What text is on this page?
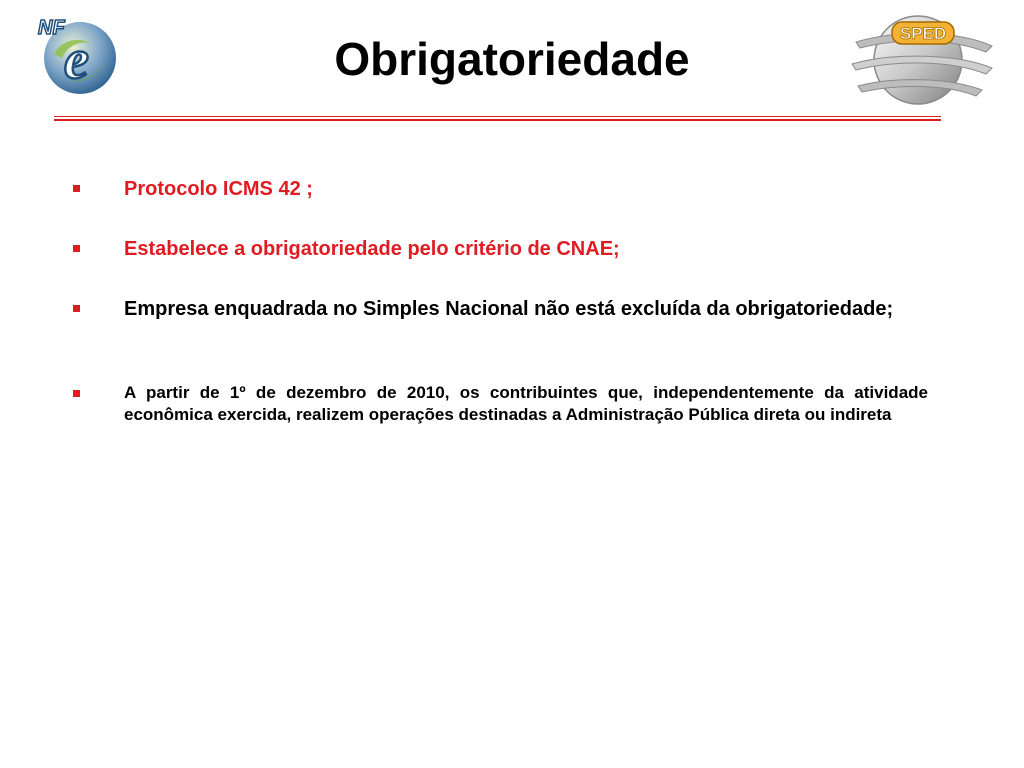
NF
e	Obrigatoriedade	SPED
Protocolo ICMS 42 ;
Estabelece a obrigatoriedade pelo critério de CNAE;
Empresa enquadrada no Simples Nacional não está excluída da obrigatoriedade;
A partir de 1º de dezembro de 2010, os contribuintes que, independentemente da atividade econômica exercida, realizem operações destinadas a Administração Pública direta ou indireta
